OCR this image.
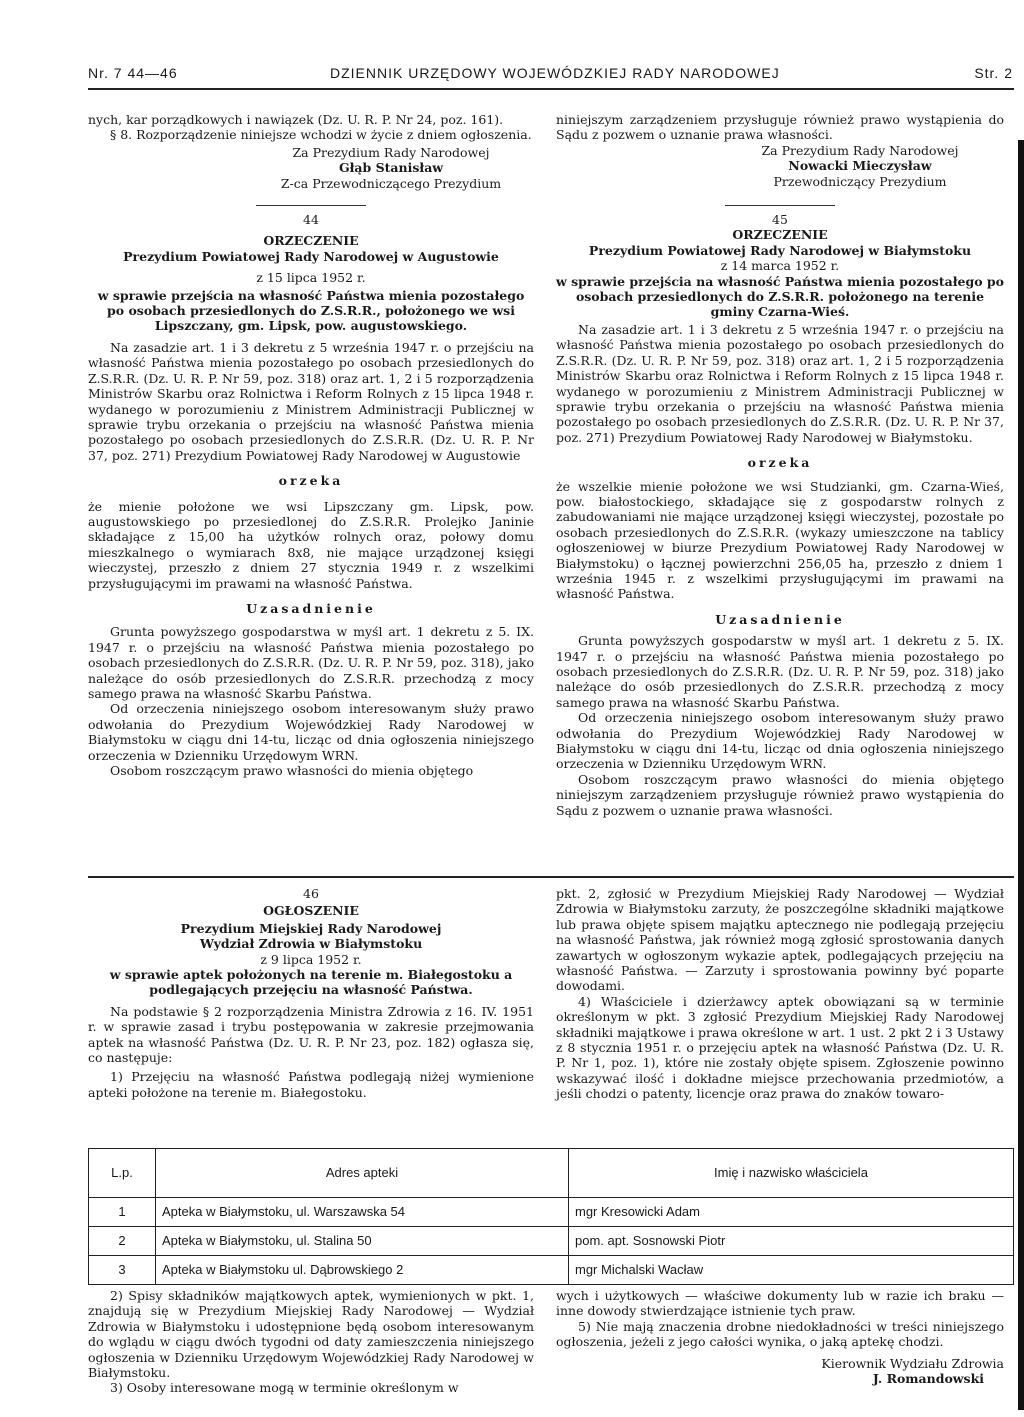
Nr. 7 44—46	DZIENNIK URZĘDOWY WOJEWÓDZKIEJ RADY NARODOWEJ	Str. 2

nych, kar porządkowych i nawiązek (Dz. U. R. P. Nr 24, poz. 161).

§ 8. Rozporządzenie niniejsze wchodzi w życie z dniem ogłoszenia.

Za Prezydium Rady Narodowej

Głąb Stanisław

Z-ca Przewodniczącego Prezydium

44

ORZECZENIE

Prezydium Powiatowej Rady Narodowej w Augustowie

z 15 lipca 1952 r.

w sprawie przejścia na własność Państwa mienia pozostałego po osobach przesiedlonych do Z.S.R.R., położonego we wsi Lipszczany, gm. Lipsk, pow. augustowskiego.

Na zasadzie art. 1 i 3 dekretu z 5 września 1947 r. o przejściu na własność Państwa mienia pozostałego po osobach przesiedlonych do Z.S.R.R. (Dz. U. R. P. Nr 59, poz. 318) oraz art. 1, 2 i 5 rozporządzenia Ministrów Skarbu oraz Rolnictwa i Reform Rolnych z 15 lipca 1948 r. wydanego w porozumieniu z Ministrem Administracji Publicznej w sprawie trybu orzekania o przejściu na własność Państwa mienia pozostałego po osobach przesiedlonych do Z.S.R.R. (Dz. U. R. P. Nr 37, poz. 271) Prezydium Powiatowej Rady Narodowej w Augustowie

orzeka

że mienie położone we wsi Lipszczany gm. Lipsk, pow. augustowskiego po przesiedlonej do Z.S.R.R. Prolejko Janinie składające z 15,00 ha użytków rolnych oraz, połowy domu mieszkalnego o wymiarach 8x8, nie mające urządzonej księgi wieczystej, przeszło z dniem 27 stycznia 1949 r. z wszelkimi przysługującymi im prawami na własność Państwa.

Uzasadnienie

Grunta powyższego gospodarstwa w myśl art. 1 dekretu z 5. IX. 1947 r. o przejściu na własność Państwa mienia pozostałego po osobach przesiedlonych do Z.S.R.R. (Dz. U. R. P. Nr 59, poz. 318), jako należące do osób przesiedlonych do Z.S.R.R. przechodzą z mocy samego prawa na własność Skarbu Państwa.

Od orzeczenia niniejszego osobom interesowanym służy prawo odwołania do Prezydium Wojewódzkiej Rady Narodowej w Białymstoku w ciągu dni 14-tu, licząc od dnia ogłoszenia niniejszego orzeczenia w Dzienniku Urzędowym WRN.

Osobom roszczącym prawo własności do mienia objętego

niniejszym zarządzeniem przysługuje również prawo wystąpienia do Sądu z pozwem o uznanie prawa własności.

Za Prezydium Rady Narodowej

Nowacki Mieczysław

Przewodniczący Prezydium

45

ORZECZENIE

Prezydium Powiatowej Rady Narodowej w Białymstoku

z 14 marca 1952 r.

w sprawie przejścia na własność Państwa mienia pozostałego po osobach przesiedlonych do Z.S.R.R. położonego na terenie gminy Czarna-Wieś.

Na zasadzie art. 1 i 3 dekretu z 5 września 1947 r. o przejściu na własność Państwa mienia pozostałego po osobach przesiedlonych do Z.S.R.R. (Dz. U. R. P. Nr 59, poz. 318) oraz art. 1, 2 i 5 rozporządzenia Ministrów Skarbu oraz Rolnictwa i Reform Rolnych z 15 lipca 1948 r. wydanego w porozumieniu z Ministrem Administracji Publicznej w sprawie trybu orzekania o przejściu na własność Państwa mienia pozostałego po osobach przesiedlonych do Z.S.R.R. (Dz. U. R. P. Nr 37, poz. 271) Prezydium Powiatowej Rady Narodowej w Białymstoku.

orzeka

że wszelkie mienie położone we wsi Studzianki, gm. Czarna-Wieś, pow. białostockiego, składające się z gospodarstw rolnych z zabudowaniami nie mające urządzonej księgi wieczystej, pozostałe po osobach przesiedlonych do Z.S.R.R. (wykazy umieszczone na tablicy ogłoszeniowej w biurze Prezydium Powiatowej Rady Narodowej w Białymstoku) o łącznej powierzchni 256,05 ha, przeszło z dniem 1 września 1945 r. z wszelkimi przysługującymi im prawami na własność Państwa.

Uzasadnienie

Grunta powyższych gospodarstw w myśl art. 1 dekretu z 5. IX. 1947 r. o przejściu na własność Państwa mienia pozostałego po osobach przesiedlonych do Z.S.R.R. (Dz. U. R. P. Nr 59, poz. 318) jako należące do osób przesiedlonych do Z.S.R.R. przechodzą z mocy samego prawa na własność Skarbu Państwa.

Od orzeczenia niniejszego osobom interesowanym służy prawo odwołania do Prezydium Wojewódzkiej Rady Narodowej w Białymstoku w ciągu dni 14-tu, licząc od dnia ogłoszenia niniejszego orzeczenia w Dzienniku Urzędowym WRN.

Osobom roszczącym prawo własności do mienia objętego niniejszym zarządzeniem przysługuje również prawo wystąpienia do Sądu z pozwem o uznanie prawa własności.

46

OGŁOSZENIE

Prezydium Miejskiej Rady Narodowej

Wydział Zdrowia w Białymstoku

z 9 lipca 1952 r.

w sprawie aptek położonych na terenie m. Białegostoku a podlegających przejęciu na własność Państwa.

Na podstawie § 2 rozporządzenia Ministra Zdrowia z 16. IV. 1951 r. w sprawie zasad i trybu postępowania w zakresie przejmowania aptek na własność Państwa (Dz. U. R. P. Nr 23, poz. 182) ogłasza się, co następuje:

1) Przejęciu na własność Państwa podlegają niżej wymienione apteki położone na terenie m. Białegostoku.

pkt. 2, zgłosić w Prezydium Miejskiej Rady Narodowej — Wydział Zdrowia w Białymstoku zarzuty, że poszczególne składniki majątkowe lub prawa objęte spisem majątku aptecznego nie podlegają przejęciu na własność Państwa, jak również mogą zgłosić sprostowania danych zawartych w ogłoszonym wykazie aptek, podlegających przejęciu na własność Państwa. — Zarzuty i sprostowania powinny być poparte dowodami.

4) Właściciele i dzierżawcy aptek obowiązani są w terminie określonym w pkt. 3 zgłosić Prezydium Miejskiej Rady Narodowej składniki majątkowe i prawa określone w art. 1 ust. 2 pkt 2 i 3 Ustawy z 8 stycznia 1951 r. o przejęciu aptek na własność Państwa (Dz. U. R. P. Nr 1, poz. 1), które nie zostały objęte spisem. Zgłoszenie powinno wskazywać ilość i dokładne miejsce przechowania przedmiotów, a jeśli chodzi o patenty, licencje oraz prawa do znaków towaro-

L.p.	Adres apteki	Imię i nazwisko właściciela
1	Apteka w Białymstoku, ul. Warszawska 54	mgr Kresowicki Adam
2	Apteka w Białymstoku, ul. Stalina 50	pom. apt. Sosnowski Piotr
3	Apteka w Białymstoku ul. Dąbrowskiego 2	mgr Michalski Wacław

2) Spisy składników majątkowych aptek, wymienionych w pkt. 1, znajdują się w Prezydium Miejskiej Rady Narodowej — Wydział Zdrowia w Białymstoku i udostępnione będą osobom interesowanym do wglądu w ciągu dwóch tygodni od daty zamieszczenia niniejszego ogłoszenia w Dzienniku Urzędowym Wojewódzkiej Rady Narodowej w Białymstoku.

3) Osoby interesowane mogą w terminie określonym w

wych i użytkowych — właściwe dokumenty lub w razie ich braku — inne dowody stwierdzające istnienie tych praw.

5) Nie mają znaczenia drobne niedokładności w treści niniejszego ogłoszenia, jeżeli z jego całości wynika, o jaką aptekę chodzi.

Kierownik Wydziału Zdrowia

J. Romandowski
